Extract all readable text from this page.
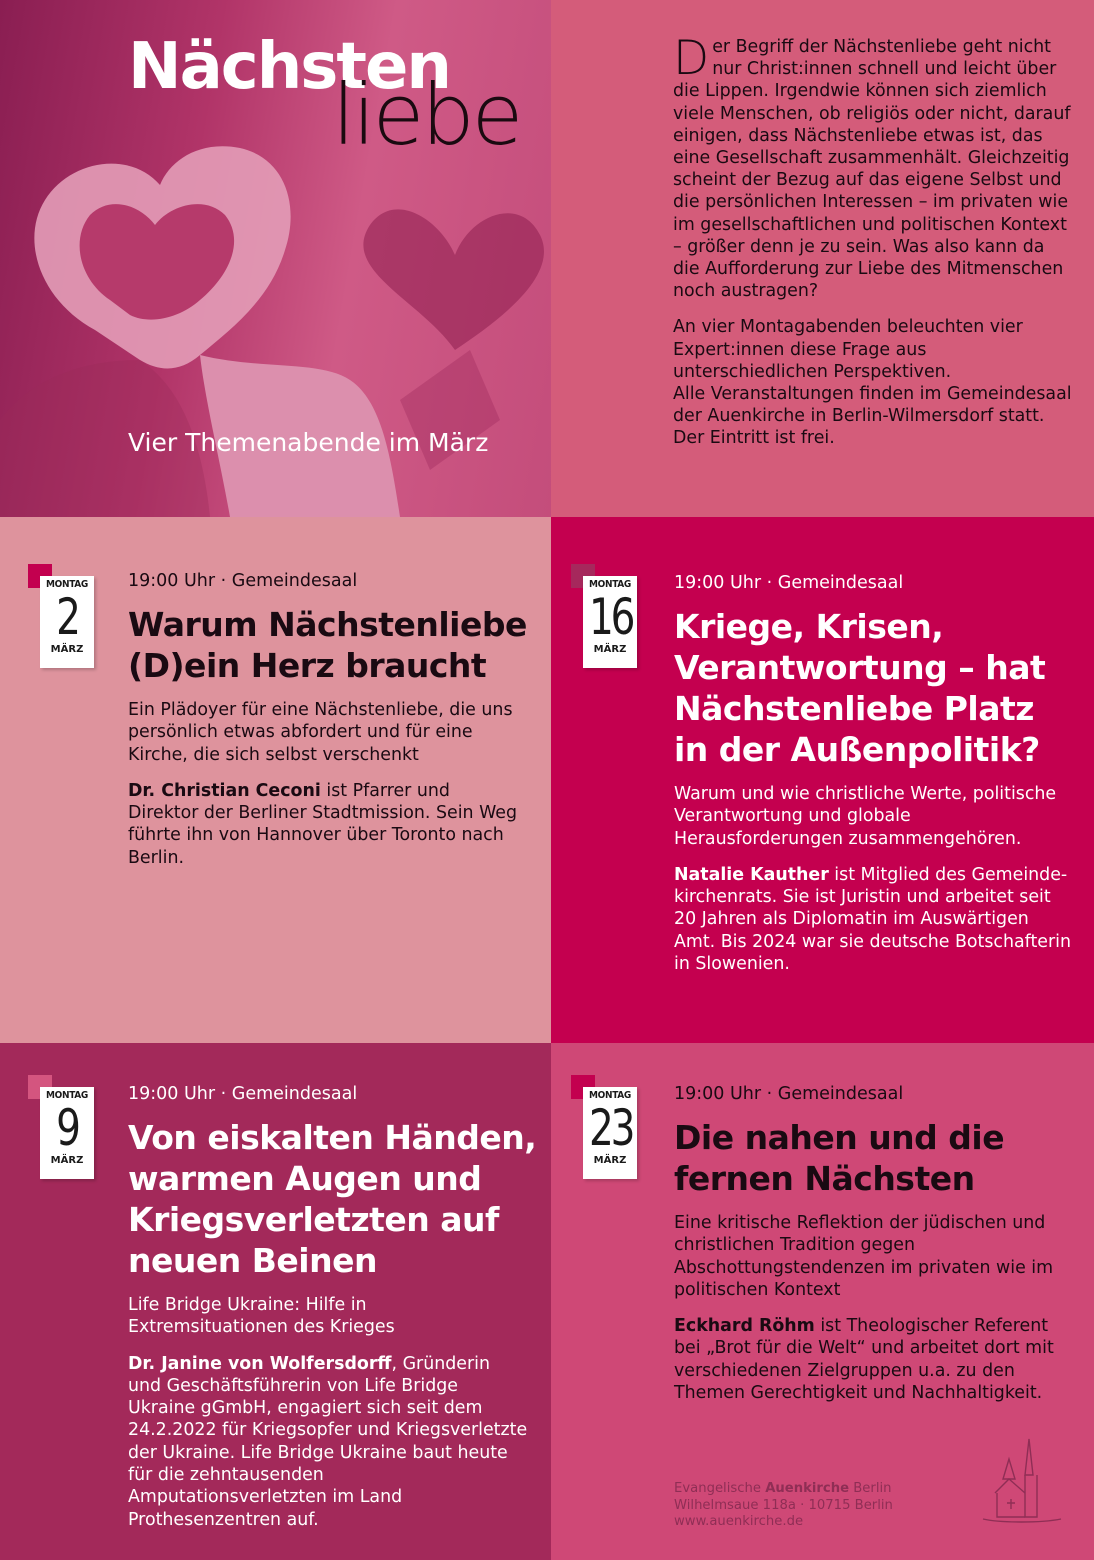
Nächsten
liebe
Vier Themenabende im März

Der Begriff der Nächstenliebe geht nicht nur Christ:innen schnell und leicht über die Lippen. Irgendwie können sich ziemlich viele Menschen, ob religiös oder nicht, darauf einigen, dass Nächstenliebe etwas ist, das eine Gesellschaft zusammenhält. Gleichzeitig scheint der Bezug auf das eigene Selbst und die persönlichen Interessen – im privaten wie im gesellschaftlichen und politischen Kontext – größer denn je zu sein. Was also kann da die Aufforderung zur Liebe des Mitmenschen noch austragen?

An vier Montagabenden beleuchten vier Expert:innen diese Frage aus unterschiedlichen Perspektiven.
Alle Veranstaltungen finden im Gemeindesaal der Auenkirche in Berlin-Wilmersdorf statt. Der Eintritt ist frei.

MONTAG
2
MÄRZ
19:00 Uhr · Gemeindesaal
Warum Nächstenliebe (D)ein Herz braucht

Ein Plädoyer für eine Nächstenliebe, die uns persönlich etwas abfordert und für eine Kirche, die sich selbst verschenkt

Dr. Christian Ceconi ist Pfarrer und Direktor der Berliner Stadtmission. Sein Weg führte ihn von Hannover über Toronto nach Berlin.

MONTAG
16
MÄRZ
19:00 Uhr · Gemeindesaal
Kriege, Krisen, Verantwortung – hat Nächstenliebe Platz in der Außenpolitik?

Warum und wie christliche Werte, politische Verantwortung und globale Herausforderungen zusammengehören.

Natalie Kauther ist Mitglied des Gemeindekirchenrats. Sie ist Juristin und arbeitet seit 20 Jahren als Diplomatin im Auswärtigen Amt. Bis 2024 war sie deutsche Botschafterin in Slowenien.

MONTAG
9
MÄRZ
19:00 Uhr · Gemeindesaal
Von eiskalten Händen, warmen Augen und Kriegsverletzten auf neuen Beinen

Life Bridge Ukraine: Hilfe in Extremsituationen des Krieges

Dr. Janine von Wolfersdorff, Gründerin und Geschäftsführerin von Life Bridge Ukraine gGmbH, engagiert sich seit dem 24.2.2022 für Kriegsopfer und Kriegsverletzte der Ukraine. Life Bridge Ukraine baut heute für die zehntausenden Amputationsverletzten im Land Prothesenzentren auf.

MONTAG
23
MÄRZ
19:00 Uhr · Gemeindesaal
Die nahen und die fernen Nächsten

Eine kritische Reflektion der jüdischen und christlichen Tradition gegen Abschottungstendenzen im privaten wie im politischen Kontext

Eckhard Röhm ist Theologischer Referent bei „Brot für die Welt“ und arbeitet dort mit verschiedenen Zielgruppen u.a. zu den Themen Gerechtigkeit und Nachhaltigkeit.

Evangelische Auenkirche Berlin
Wilhelmsaue 118a · 10715 Berlin
www.auenkirche.de
